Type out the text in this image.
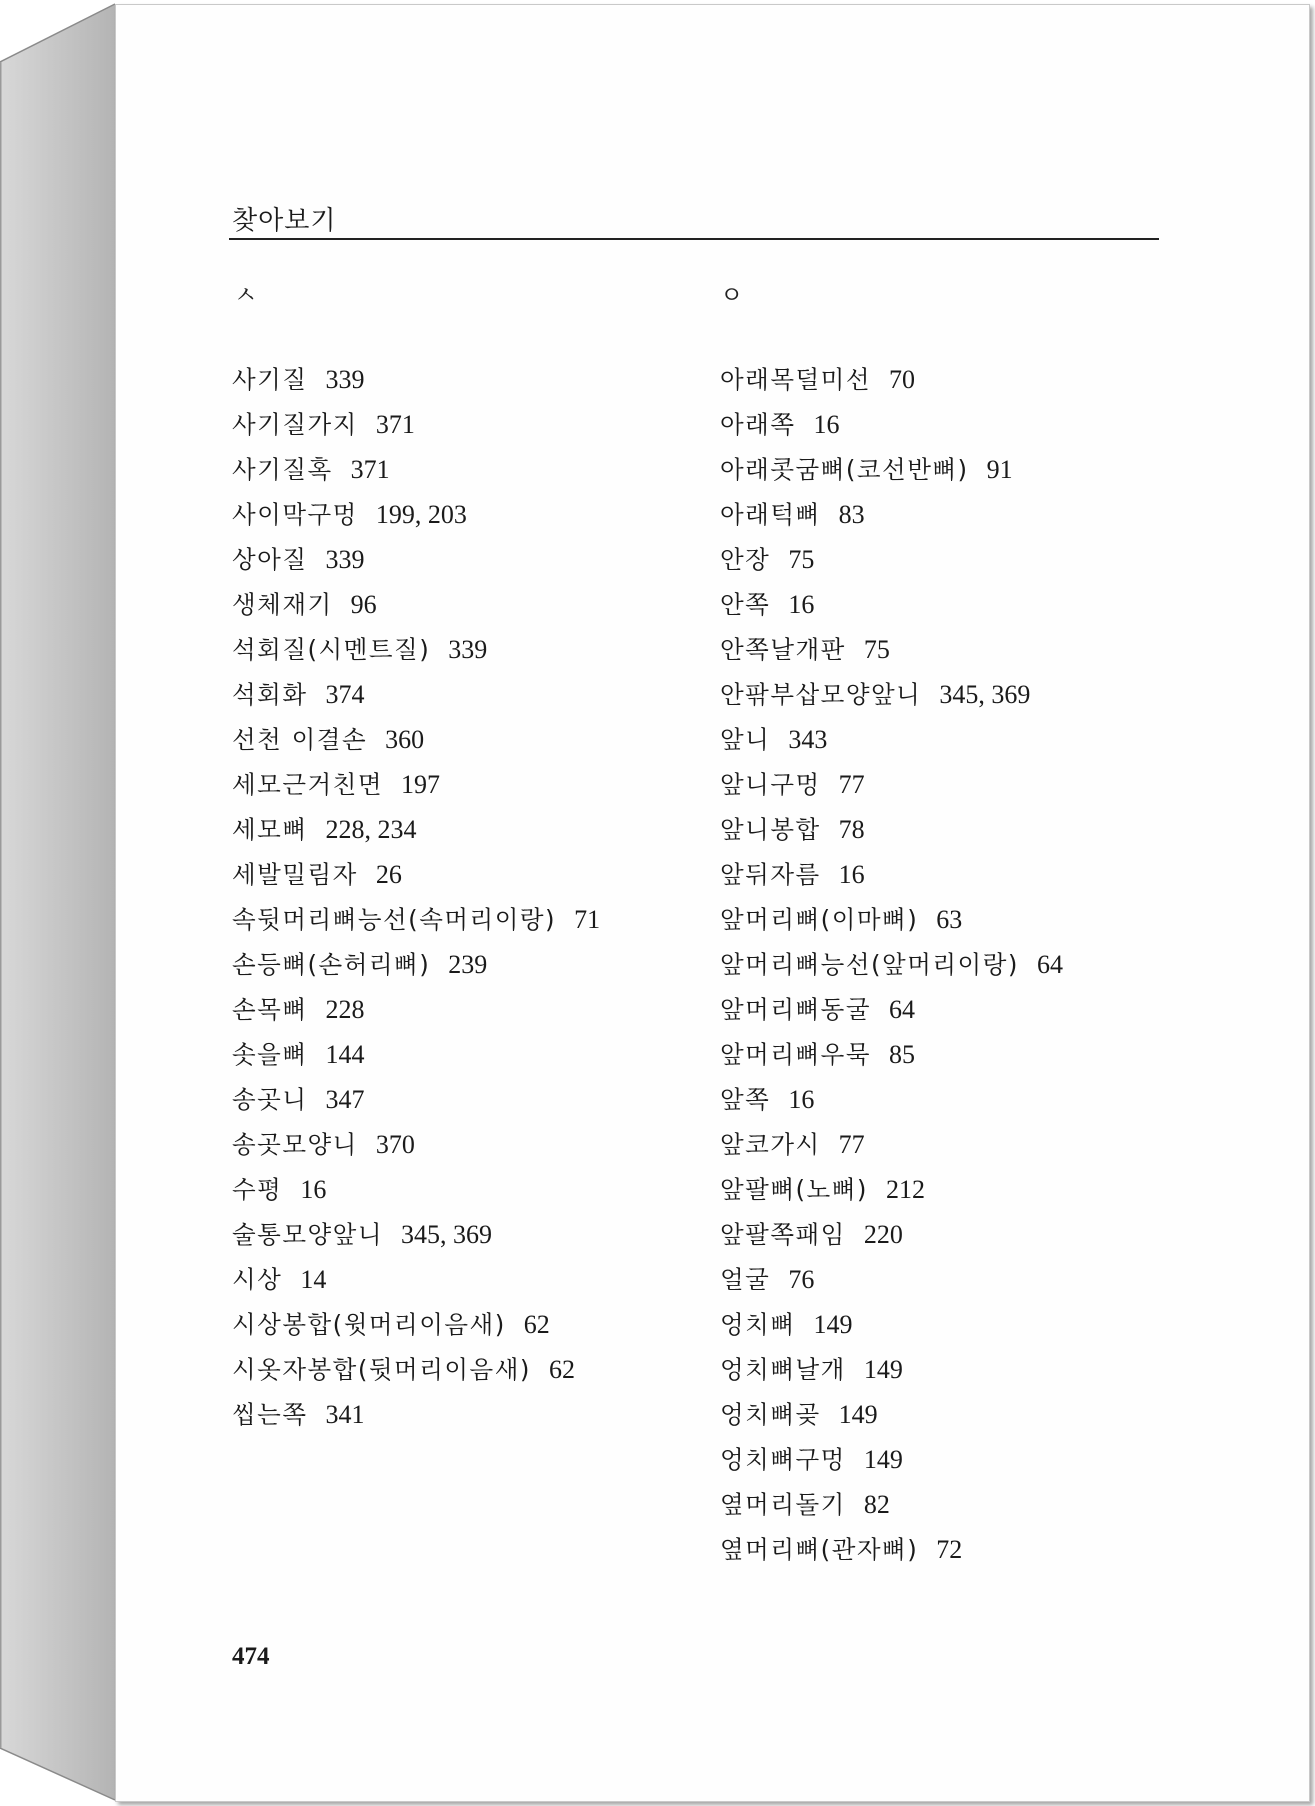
찾아보기
ㅅ	ㅇ
사기질 339
사기질가지 371
사기질혹 371
사이막구멍 199, 203
상아질 339
생체재기 96
석회질(시멘트질) 339
석회화 374
선천 이결손 360
세모근거친면 197
세모뼈 228, 234
세발밀림자 26
속뒷머리뼈능선(속머리이랑) 71
손등뼈(손허리뼈) 239
손목뼈 228
솟을뼈 144
송곳니 347
송곳모양니 370
수평 16
술통모양앞니 345, 369
시상 14
시상봉합(윗머리이음새) 62
시옷자봉합(뒷머리이음새) 62
씹는쪽 341
아래목덜미선 70
아래쪽 16
아래콧굼뼈(코선반뼈) 91
아래턱뼈 83
안장 75
안쪽 16
안쪽날개판 75
안팎부삽모양앞니 345, 369
앞니 343
앞니구멍 77
앞니봉합 78
앞뒤자름 16
앞머리뼈(이마뼈) 63
앞머리뼈능선(앞머리이랑) 64
앞머리뼈동굴 64
앞머리뼈우묵 85
앞쪽 16
앞코가시 77
앞팔뼈(노뼈) 212
앞팔쪽패임 220
얼굴 76
엉치뼈 149
엉치뼈날개 149
엉치뼈곶 149
엉치뼈구멍 149
옆머리돌기 82
옆머리뼈(관자뼈) 72
474
